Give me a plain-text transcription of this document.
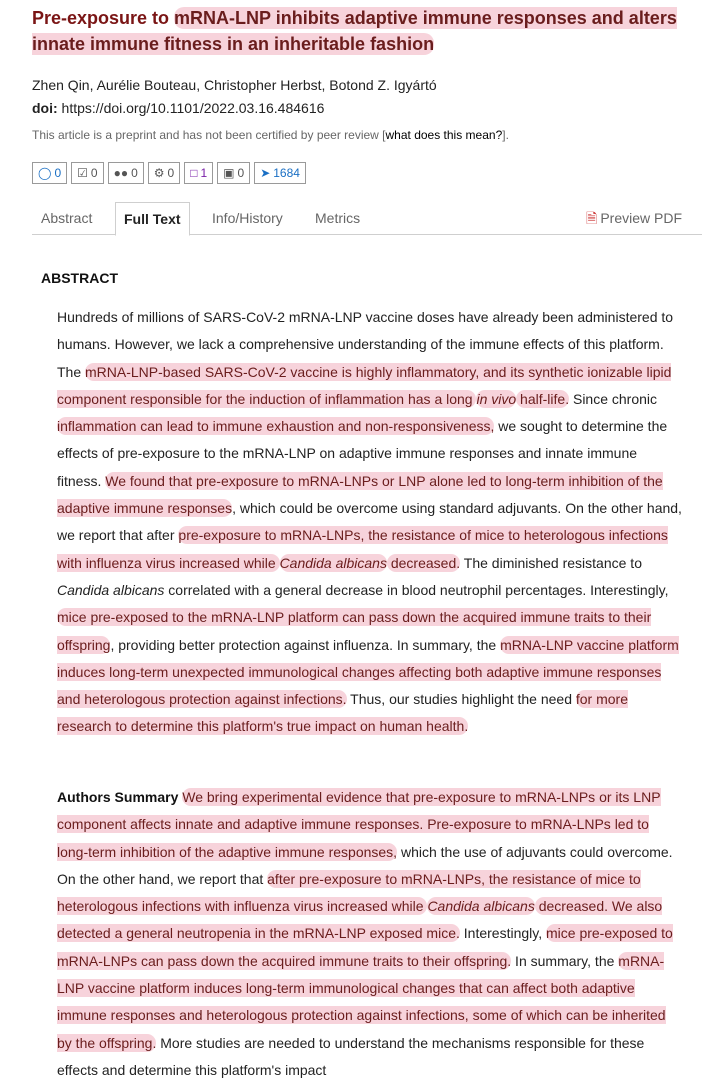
Pre-exposure to mRNA-LNP inhibits adaptive immune responses and alters innate immune fitness in an inheritable fashion
Zhen Qin, Aurélie Bouteau, Christopher Herbst, Botond Z. Igyártó
doi: https://doi.org/10.1101/2022.03.16.484616
This article is a preprint and has not been certified by peer review [what does this mean?].
◯ 0 ☑ 0 ●● 0 ⚙ 0 □ 1 ▣ 0 ➤ 1684
Abstract	Full Text	Info/History Metrics	🗎 Preview PDF
ABSTRACT

Hundreds of millions of SARS-CoV-2 mRNA-LNP vaccine doses have already been administered to humans. However, we lack a comprehensive understanding of the immune effects of this platform. The mRNA-LNP-based SARS-CoV-2 vaccine is highly inflammatory, and its synthetic ionizable lipid component responsible for the induction of inflammation has a long in vivo half-life. Since chronic inflammation can lead to immune exhaustion and non-responsiveness, we sought to determine the effects of pre-exposure to the mRNA-LNP on adaptive immune responses and innate immune fitness. We found that pre-exposure to mRNA-LNPs or LNP alone led to long-term inhibition of the adaptive immune responses, which could be overcome using standard adjuvants. On the other hand, we report that after pre-exposure to mRNA-LNPs, the resistance of mice to heterologous infections with influenza virus increased while Candida albicans decreased. The diminished resistance to Candida albicans correlated with a general decrease in blood neutrophil percentages. Interestingly, mice pre-exposed to the mRNA-LNP platform can pass down the acquired immune traits to their offspring, providing better protection against influenza. In summary, the mRNA-LNP vaccine platform induces long-term unexpected immunological changes affecting both adaptive immune responses and heterologous protection against infections. Thus, our studies highlight the need for more research to determine this platform's true impact on human health.

Authors Summary We bring experimental evidence that pre-exposure to mRNA-LNPs or its LNP component affects innate and adaptive immune responses. Pre-exposure to mRNA-LNPs led to long-term inhibition of the adaptive immune responses, which the use of adjuvants could overcome. On the other hand, we report that after pre-exposure to mRNA-LNPs, the resistance of mice to heterologous infections with influenza virus increased while Candida albicans decreased. We also detected a general neutropenia in the mRNA-LNP exposed mice. Interestingly, mice pre-exposed to mRNA-LNPs can pass down the acquired immune traits to their offspring. In summary, the mRNA-LNP vaccine platform induces long-term immunological changes that can affect both adaptive immune responses and heterologous protection against infections, some of which can be inherited by the offspring. More studies are needed to understand the mechanisms responsible for these effects and determine this platform's impact
